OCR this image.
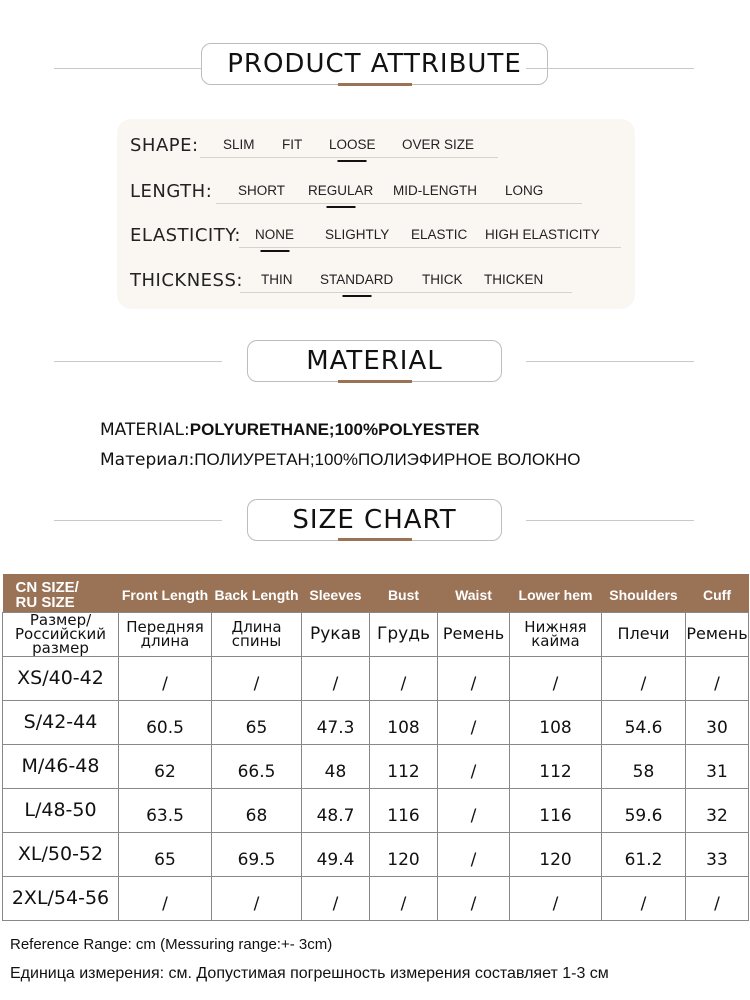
PRODUCT ATTRIBUTE
SHAPE: SLIM FIT LOOSE OVER SIZE
LENGTH: SHORT REGULAR MID-LENGTH LONG
ELASTICITY: NONE SLIGHTLY ELASTIC HIGH ELASTICITY
THICKNESS: THIN STANDARD THICK THICKEN
MATERIAL
MATERIAL:POLYURETHANE;100%POLYESTER
Материал:ПОЛИУРЕТАН;100%ПОЛИЭФИРНОЕ ВОЛОКНО
SIZE CHART
CN SIZE/
RU SIZE	Front Length	Back Length	Sleeves	Bust	Waist	Lower hem	Shoulders	Cuff
Размер/ Российский размер	Передняя длина	Длина спины	Рукав	Грудь	Ремень	Нижняя кайма	Плечи	Ремень
XS/40-42	/	/	/	/	/	/	/	/
S/42-44	60.5	65	47.3	108	/	108	54.6	30
M/46-48	62	66.5	48	112	/	112	58	31
L/48-50	63.5	68	48.7	116	/	116	59.6	32
XL/50-52	65	69.5	49.4	120	/	120	61.2	33
2XL/54-56	/	/	/	/	/	/	/	/
Reference Range: cm (Messuring range:+- 3cm)
Единица измерения: см. Допустимая погрешность измерения составляет 1-3 см
